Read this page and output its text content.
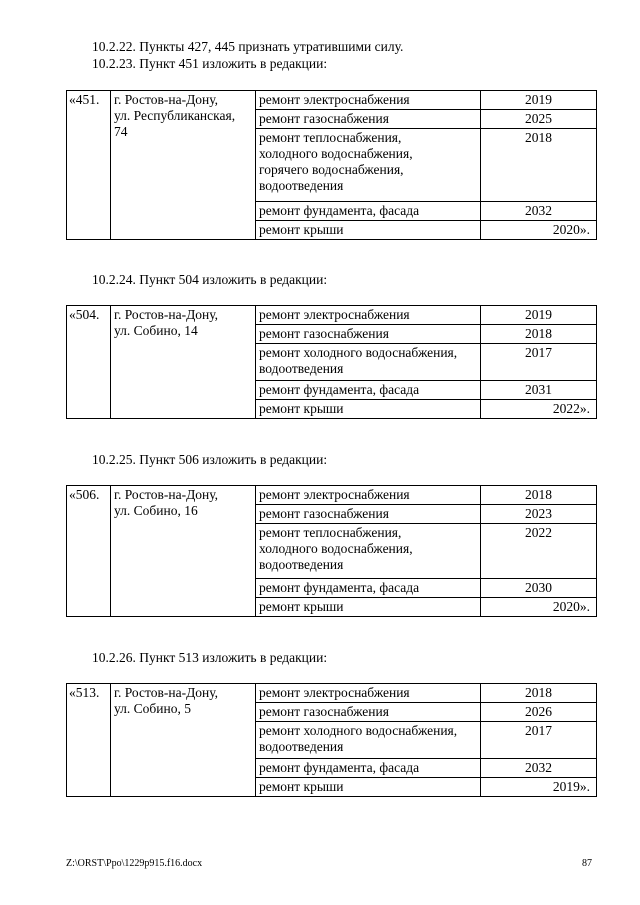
10.2.22. Пункты 427, 445 признать утратившими силу.
10.2.23. Пункт 451 изложить в редакции:
«451.	г. Ростов-на-Дону,
ул. Республиканская,
74	ремонт электроснабжения	2019
		ремонт газоснабжения	2025

		ремонт теплоснабжения,
холодного водоснабжения,
горячего водоснабжения,
водоотведения	2018
		ремонт фундамента, фасада	2032
		ремонт крыши	2020».
10.2.24. Пункт 504 изложить в редакции:
«504.	г. Ростов-на-Дону,
ул. Собино, 14	ремонт электроснабжения	2019
		ремонт газоснабжения	2018

		ремонт холодного водоснабжения,
водоотведения	2017
		ремонт фундамента, фасада	2031
		ремонт крыши	2022».
10.2.25. Пункт 506 изложить в редакции:
«506.	г. Ростов-на-Дону,
ул. Собино, 16	ремонт электроснабжения	2018
		ремонт газоснабжения	2023

		ремонт теплоснабжения,
холодного водоснабжения,
водоотведения	2022
		ремонт фундамента, фасада	2030
		ремонт крыши	2020».
10.2.26. Пункт 513 изложить в редакции:
«513.	г. Ростов-на-Дону,
ул. Собино, 5	ремонт электроснабжения	2018
		ремонт газоснабжения	2026

		ремонт холодного водоснабжения,
водоотведения	2017
		ремонт фундамента, фасада	2032
		ремонт крыши	2019».
Z:\ORST\Ppo\1229p915.f16.docx	87
